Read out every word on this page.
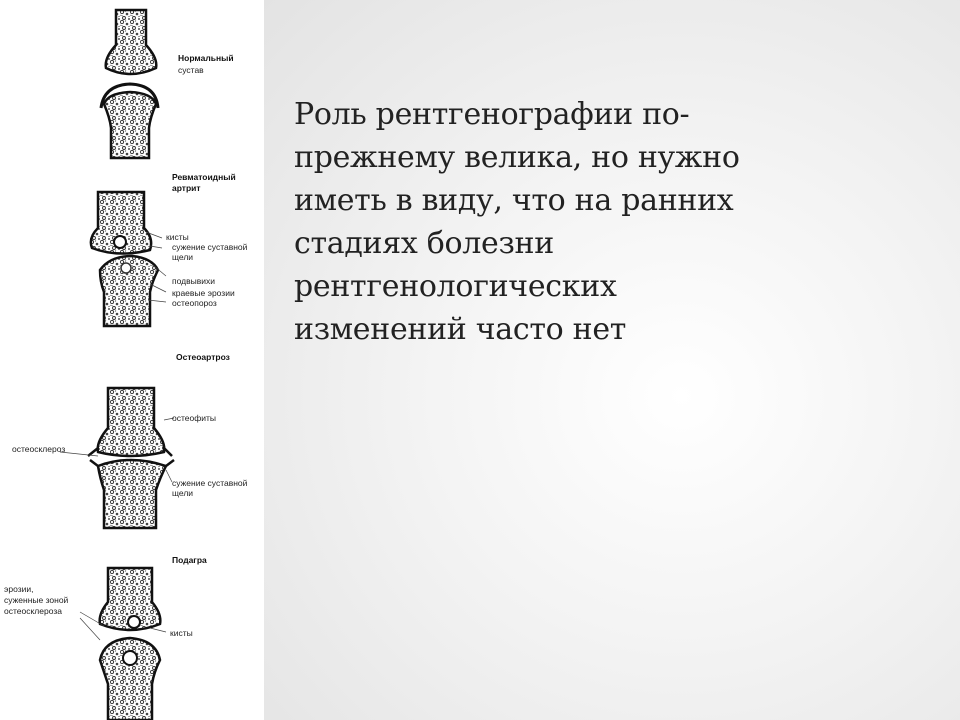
Нормальный
сустав
Ревматоидный
артрит
кисты
сужение суставной
щели
подвывихи
краевые эрозии
остеопороз
Остеоартроз
остеофиты
остеосклероз
сужение суставной
щели
Подагра
эрозии,
суженные зоной
остеосклероза
кисты

Роль рентгенографии по-прежнему велика, но нужно иметь в виду, что на ранних стадиях болезни рентгенологических изменений часто нет
